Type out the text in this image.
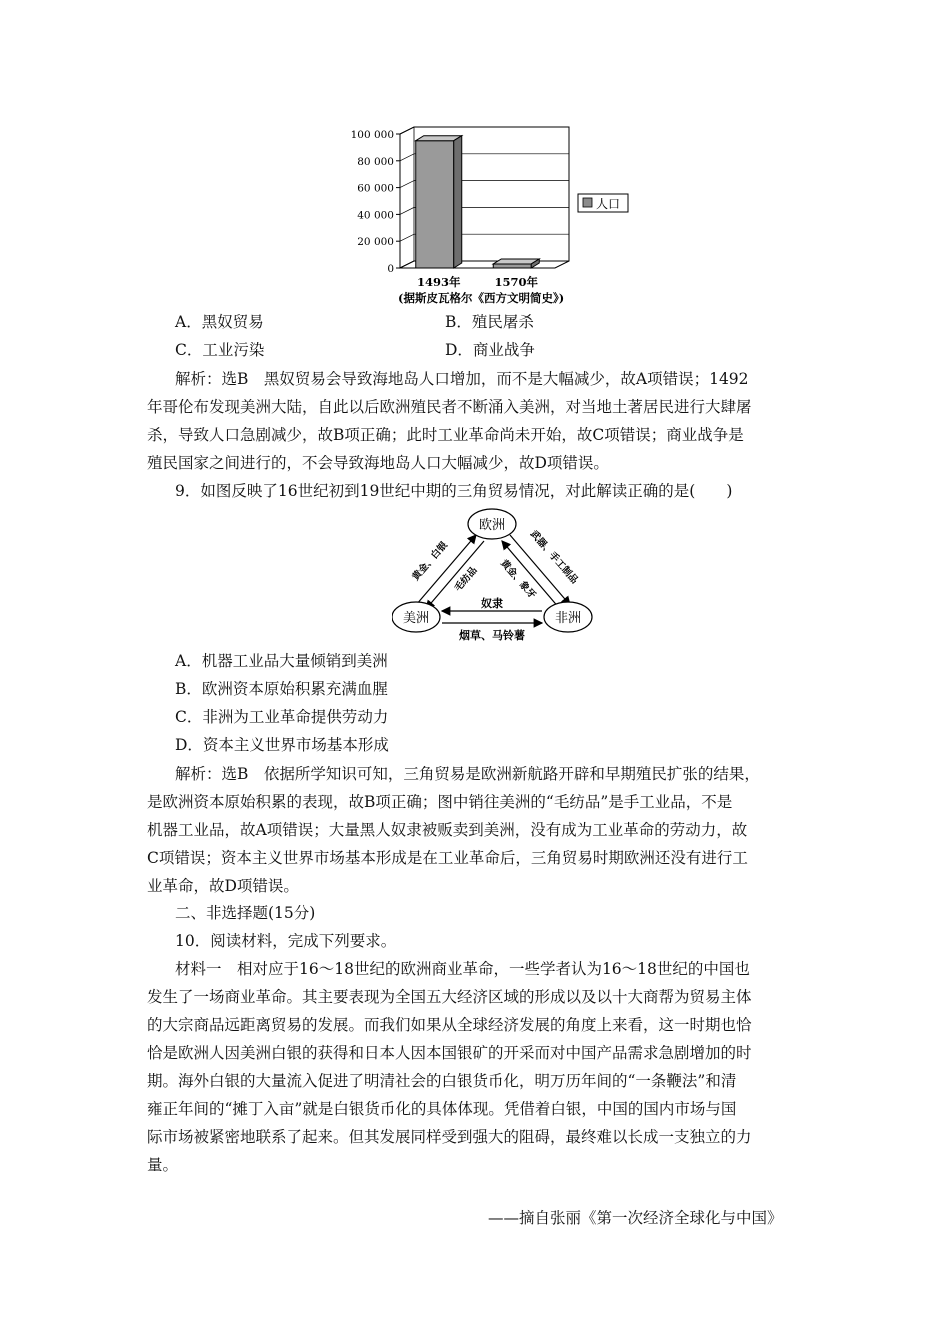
100 000
80 000
60 000
40 000
20 000
0
1493年	1570年
人口
(据斯皮瓦格尔《西方文明简史》)
A．黑奴贸易	B．殖民屠杀
C．工业污染	D．商业战争
解析：选B　黑奴贸易会导致海地岛人口增加，而不是大幅减少，故A项错误；1492
年哥伦布发现美洲大陆，自此以后欧洲殖民者不断涌入美洲，对当地土著居民进行大肆屠
杀，导致人口急剧减少，故B项正确；此时工业革命尚未开始，故C项错误；商业战争是
殖民国家之间进行的，不会导致海地岛人口大幅减少，故D项错误。
9．如图反映了16世纪初到19世纪中期的三角贸易情况，对此解读正确的是(　　)
欧洲
美洲	非洲
黄金、白银 毛纺品 黄金、象牙
武器、手工制品
奴隶
烟草、马铃薯
A．机器工业品大量倾销到美洲
B．欧洲资本原始积累充满血腥
C．非洲为工业革命提供劳动力
D．资本主义世界市场基本形成
解析：选B　依据所学知识可知，三角贸易是欧洲新航路开辟和早期殖民扩张的结果，
是欧洲资本原始积累的表现，故B项正确；图中销往美洲的“毛纺品”是手工业品，不是
机器工业品，故A项错误；大量黑人奴隶被贩卖到美洲，没有成为工业革命的劳动力，故
C项错误；资本主义世界市场基本形成是在工业革命后，三角贸易时期欧洲还没有进行工
业革命，故D项错误。
二、非选择题(15分)
10．阅读材料，完成下列要求。
材料一　相对应于16～18世纪的欧洲商业革命，一些学者认为16～18世纪的中国也
发生了一场商业革命。其主要表现为全国五大经济区域的形成以及以十大商帮为贸易主体
的大宗商品远距离贸易的发展。而我们如果从全球经济发展的角度上来看，这一时期也恰
恰是欧洲人因美洲白银的获得和日本人因本国银矿的开采而对中国产品需求急剧增加的时
期。海外白银的大量流入促进了明清社会的白银货币化，明万历年间的“一条鞭法”和清
雍正年间的“摊丁入亩”就是白银货币化的具体体现。凭借着白银，中国的国内市场与国
际市场被紧密地联系了起来。但其发展同样受到强大的阻碍，最终难以长成一支独立的力
量。
——摘自张丽《第一次经济全球化与中国》
